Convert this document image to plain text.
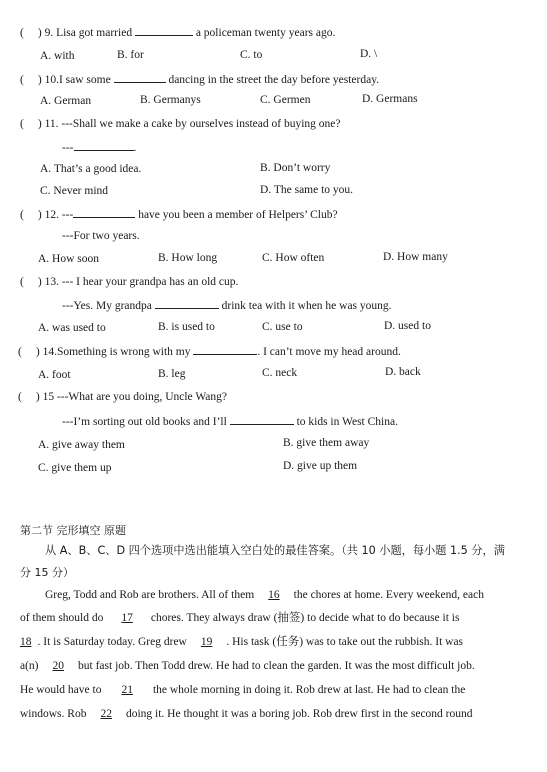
( ) 9. Lisa got married	a policeman twenty years ago.
A. with	B. for	C. to	D. \
( ) 10.I saw some	dancing in the street the day before yesterday.
A. German	B. Germanys	C. Germen	D. Germans
( ) 11. ---Shall we make a cake by ourselves instead of buying one?
---	.
A. That’s a good idea.	B. Don’t worry
C. Never mind	D. The same to you.
( ) 12. ---	have you been a member of Helpers’ Club?
---For two years.
A. How soon	B. How long	C. How often	D. How many
( ) 13. --- I hear your grandpa has an old cup.
---Yes. My grandpa	drink tea with it when he was young.
A. was used to	B. is used to	C. use to	D. used to
( ) 14.Something is wrong with my	. I can’t move my head around.
A. foot	B. leg	C. neck	D. back
( ) 15 ---What are you doing, Uncle Wang?
---I’m sorting out old books and I’ll	to kids in West China.
A. give away them	B. give them away
C. give them up	D. give up them
第二节 完形填空 原题
从 A、B、C、D 四个选项中选出能填入空白处的最佳答案。（共 10 小题，每小题 1.5 分，满
分 15 分）
Greg, Todd and Rob are brothers. All of them 16 the chores at home. Every weekend, each
of them should do 17 chores. They always draw (抽签) to decide what to do because it is
18 . It is Saturday today. Greg drew 19 . His task (任务) was to take out the rubbish. It was
a(n) 20 but fast job. Then Todd drew. He had to clean the garden. It was the most difficult job.
He would have to 21 the whole morning in doing it. Rob drew at last. He had to clean the
windows. Rob 22 doing it. He thought it was a boring job. Rob drew first in the second round
